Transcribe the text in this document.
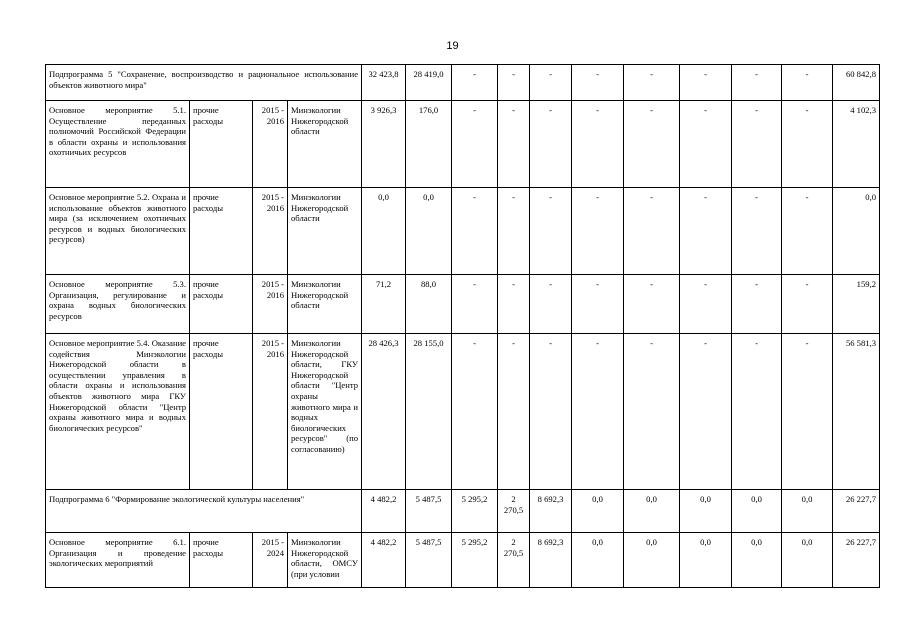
19
Подпрограмма 5 "Сохранение, воспроизводство и рациональное использование объектов животного мира"				32 423,8	28 419,0	-	-	-	-	-	-	-	-	60 842,8
Основное мероприятие 5.1. Осуществление переданных полномочий Российской Федерации в области охраны и использования охотничьих ресурсов	прочие расходы	2015 - 2016	Минэкологии Нижегородской области	3 926,3	176,0	-	-	-	-	-	-	-	-	4 102,3
Основное мероприятие 5.2. Охрана и использование объектов животного мира (за исключением охотничьих ресурсов и водных биологических ресурсов)	прочие расходы	2015 - 2016	Минэкологии Нижегородской области	0,0	0,0	-	-	-	-	-	-	-	-	0,0
Основное мероприятие 5.3. Организация, регулирование и охрана водных биологических ресурсов	прочие расходы	2015 - 2016	Минэкологии Нижегородской области	71,2	88,0	-	-	-	-	-	-	-	-	159,2
Основное мероприятие 5.4. Оказание содействия Минэкологии Нижегородской области в осуществлении управления в области охраны и использования объектов животного мира ГКУ Нижегородской области "Центр охраны животного мира и водных биологических ресурсов"	прочие расходы	2015 - 2016	Минэкологии Нижегородской области, ГКУ Нижегородской области "Центр охраны животного мира и водных биологических ресурсов" (по согласованию)	28 426,3	28 155,0	-	-	-	-	-	-	-	-	56 581,3
Подпрограмма 6 "Формирование экологической культуры населения"				4 482,2	5 487,5	5 295,2	2 270,5	8 692,3	0,0	0,0	0,0	0,0	0,0	26 227,7
Основное мероприятие 6.1. Организация и проведение экологических мероприятий	прочие расходы	2015 - 2024	Минэкологии Нижегородской области, ОМСУ (при условии	4 482,2	5 487,5	5 295,2	2 270,5	8 692,3	0,0	0,0	0,0	0,0	0,0	26 227,7
